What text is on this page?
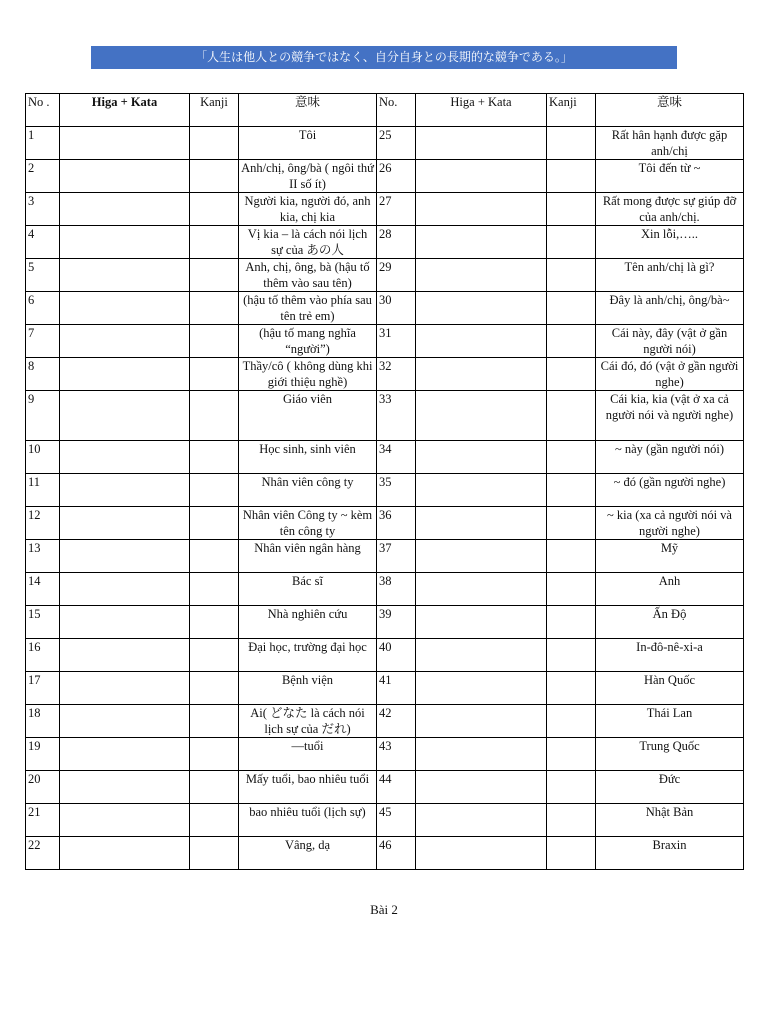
「人生は他人との競争ではなく、自分自身との長期的な競争である。」
No .	Higa + Kata	Kanji	意味	No.	Higa + Kata	Kanji	意味
1			Tôi	25			Rất hân hạnh được gặp anh/chị
2			Anh/chị, ông/bà ( ngôi thứ II số ít)	26			Tôi đến từ ~
3			Người kia, người đó, anh kia, chị kia	27			Rất mong được sự giúp đỡ của anh/chị.
4			Vị kia – là cách nói lịch sự của あの人	28			Xin lỗi,…..
5			Anh, chị, ông, bà (hậu tố thêm vào sau tên)	29			Tên anh/chị là gì?
6			(hậu tố thêm vào phía sau tên trẻ em)	30			Đây là anh/chị, ông/bà~
7			(hậu tố mang nghĩa “người”)	31			Cái này, đây (vật ở gần người nói)
8			Thầy/cô ( không dùng khi giới thiệu nghề)	32			Cái đó, đó (vật ở gần người nghe)
9			Giáo viên	33			Cái kia, kia (vật ở xa cả người nói và người nghe)
10			Học sinh, sinh viên	34			~ này (gần người nói)
11			Nhân viên công ty	35			~ đó (gần người nghe)
12			Nhân viên Công ty ~ kèm tên công ty	36			~ kia (xa cả người nói và người nghe)
13			Nhân viên ngân hàng	37			Mỹ
14			Bác sĩ	38			Anh
15			Nhà nghiên cứu	39			Ấn Độ
16			Đại học, trường đại học	40			In-đô-nê-xi-a
17			Bệnh viện	41			Hàn Quốc
18			Ai( どなた là cách nói lịch sự của だれ)	42			Thái Lan
19			—tuổi	43			Trung Quốc
20			Mấy tuổi, bao nhiêu tuổi	44			Đức
21			bao nhiêu tuổi (lịch sự)	45			Nhật Bản
22			Vâng, dạ	46			Braxin
Bài 2
